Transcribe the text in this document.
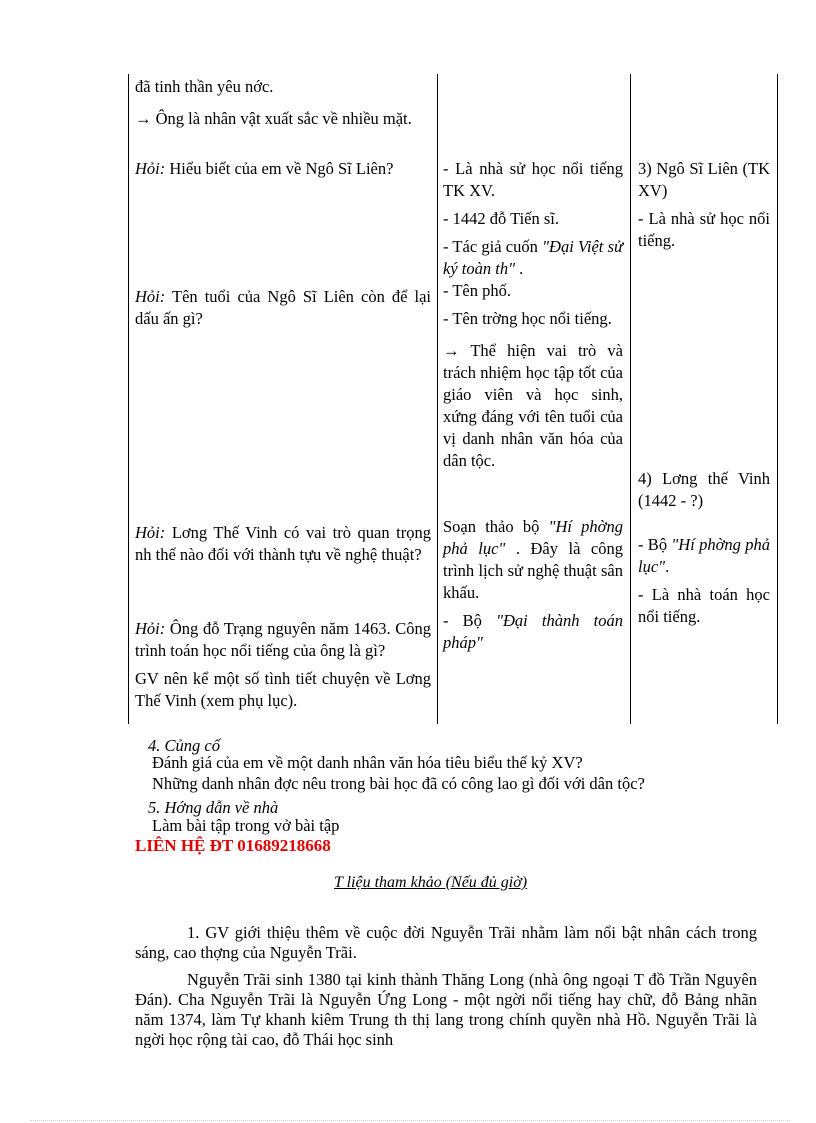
đã tinh thần yêu nớc.

→ Ông là nhân vật xuất sắc về nhiều mặt.

Hỏi: Hiểu biết của em về Ngô Sĩ Liên?

Hỏi: Tên tuổi của Ngô Sĩ Liên còn để lại dấu ấn gì?

Hỏi: Lơng Thế Vinh có vai trò quan trọng nh thế nào đối với thành tựu về nghệ thuật?

Hỏi: Ông đỗ Trạng nguyên năm 1463. Công trình toán học nổi tiếng của ông là gì?

GV nên kể một số tình tiết chuyện về Lơng Thế Vinh (xem phụ lục).

- Là nhà sử học nổi tiếng TK XV.

- 1442 đỗ Tiến sĩ.

- Tác giả cuốn "Đại Việt sử ký toàn th" .

- Tên phố.

- Tên trờng học nổi tiếng.

→ Thể hiện vai trò và trách nhiệm học tập tốt của giáo viên và học sinh, xứng đáng với tên tuổi của vị danh nhân văn hóa của dân tộc.

Soạn thảo bộ "Hí phờng phả lục" . Đây là công trình lịch sử nghệ thuật sân khấu.

- Bộ "Đại thành toán pháp"

3) Ngô Sĩ Liên (TK XV)

- Là nhà sử học nổi tiếng.

4) Lơng thế Vinh (1442 - ?)

- Bộ "Hí phờng phả lục".

- Là nhà toán học nổi tiếng.

4. Củng cố
Đánh giá của em về một danh nhân văn hóa tiêu biểu thế kỷ XV?
Những danh nhân đợc nêu trong bài học đã có công lao gì đối với dân tộc?
5. Hớng dẫn về nhà
Làm bài tập trong vở bài tập
LIÊN HỆ ĐT 01689218668
T liệu tham khảo (Nếu đủ giờ)
1. GV giới thiệu thêm về cuộc đời Nguyễn Trãi nhằm làm nổi bật nhân cách trong sáng, cao thợng của Nguyễn Trãi.
Nguyễn Trãi sinh 1380 tại kinh thành Thăng Long (nhà ông ngoại T đồ Trần Nguyên Đán). Cha Nguyễn Trãi là Nguyễn Ứng Long - một ngời nổi tiếng hay chữ, đỗ Bảng nhãn năm 1374, làm Tự khanh kiêm Trung th thị lang trong chính quyền nhà Hồ. Nguyễn Trãi là ngời học rộng tài cao, đỗ Thái học sinh
